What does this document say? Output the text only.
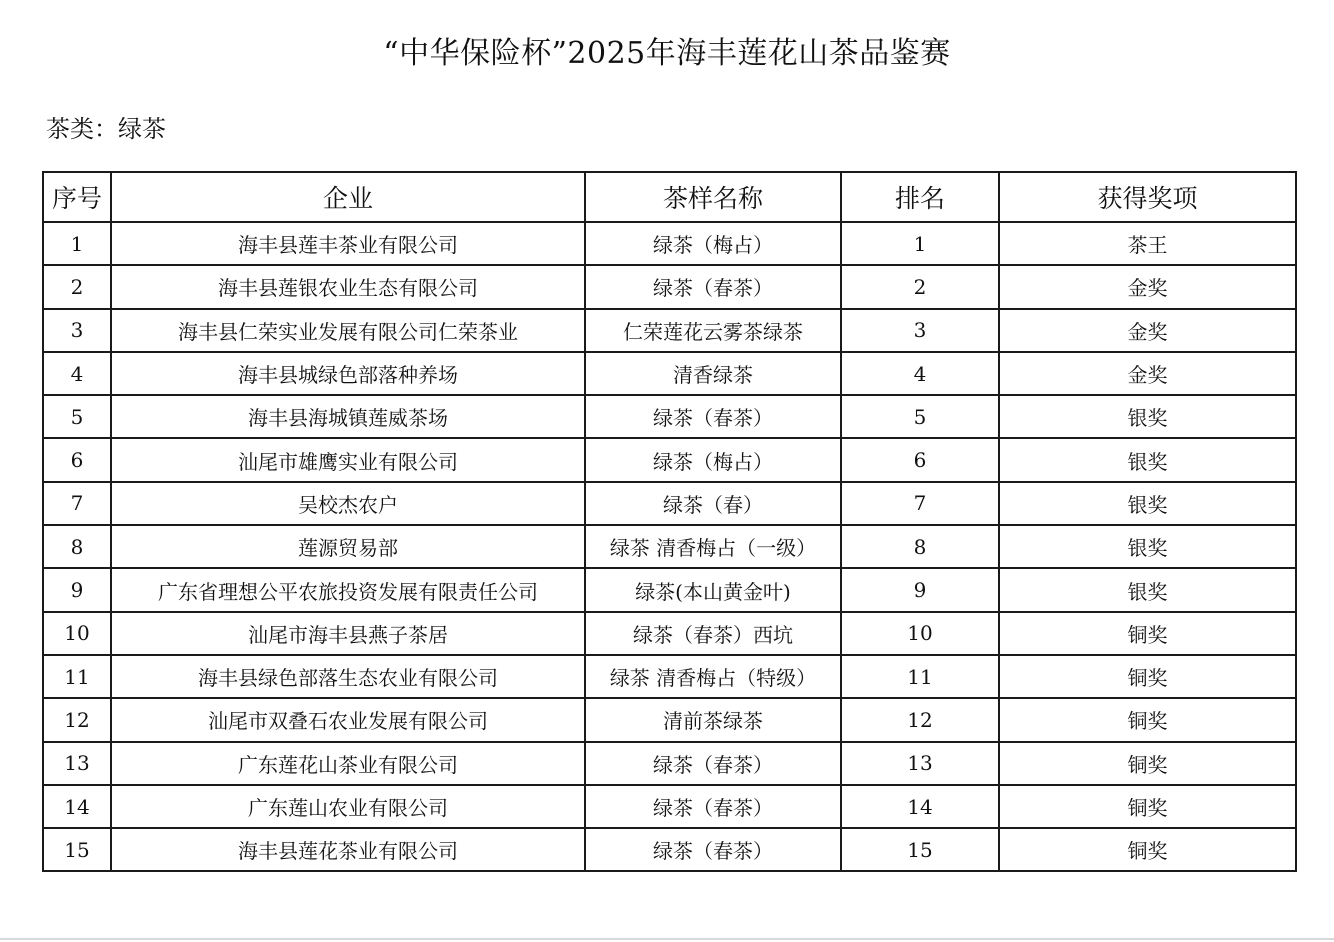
“中华保险杯”2025年海丰莲花山茶品鉴赛
茶类：绿茶
序号	企业	茶样名称	排名	获得奖项
1	海丰县莲丰茶业有限公司	绿茶（梅占）	1	茶王
2	海丰县莲银农业生态有限公司	绿茶（春茶）	2	金奖
3	海丰县仁荣实业发展有限公司仁荣茶业	仁荣莲花云雾茶绿茶	3	金奖
4	海丰县城绿色部落种养场	清香绿茶	4	金奖
5	海丰县海城镇莲威茶场	绿茶（春茶）	5	银奖
6	汕尾市雄鹰实业有限公司	绿茶（梅占）	6	银奖
7	吴校杰农户	绿茶（春）	7	银奖
8	莲源贸易部	绿茶 清香梅占（一级）	8	银奖
9	广东省理想公平农旅投资发展有限责任公司	绿茶(本山黄金叶)	9	银奖
10	汕尾市海丰县燕子茶居	绿茶（春茶）西坑	10	铜奖
11	海丰县绿色部落生态农业有限公司	绿茶 清香梅占（特级）	11	铜奖
12	汕尾市双叠石农业发展有限公司	清前茶绿茶	12	铜奖
13	广东莲花山茶业有限公司	绿茶（春茶）	13	铜奖
14	广东莲山农业有限公司	绿茶（春茶）	14	铜奖
15	海丰县莲花茶业有限公司	绿茶（春茶）	15	铜奖
